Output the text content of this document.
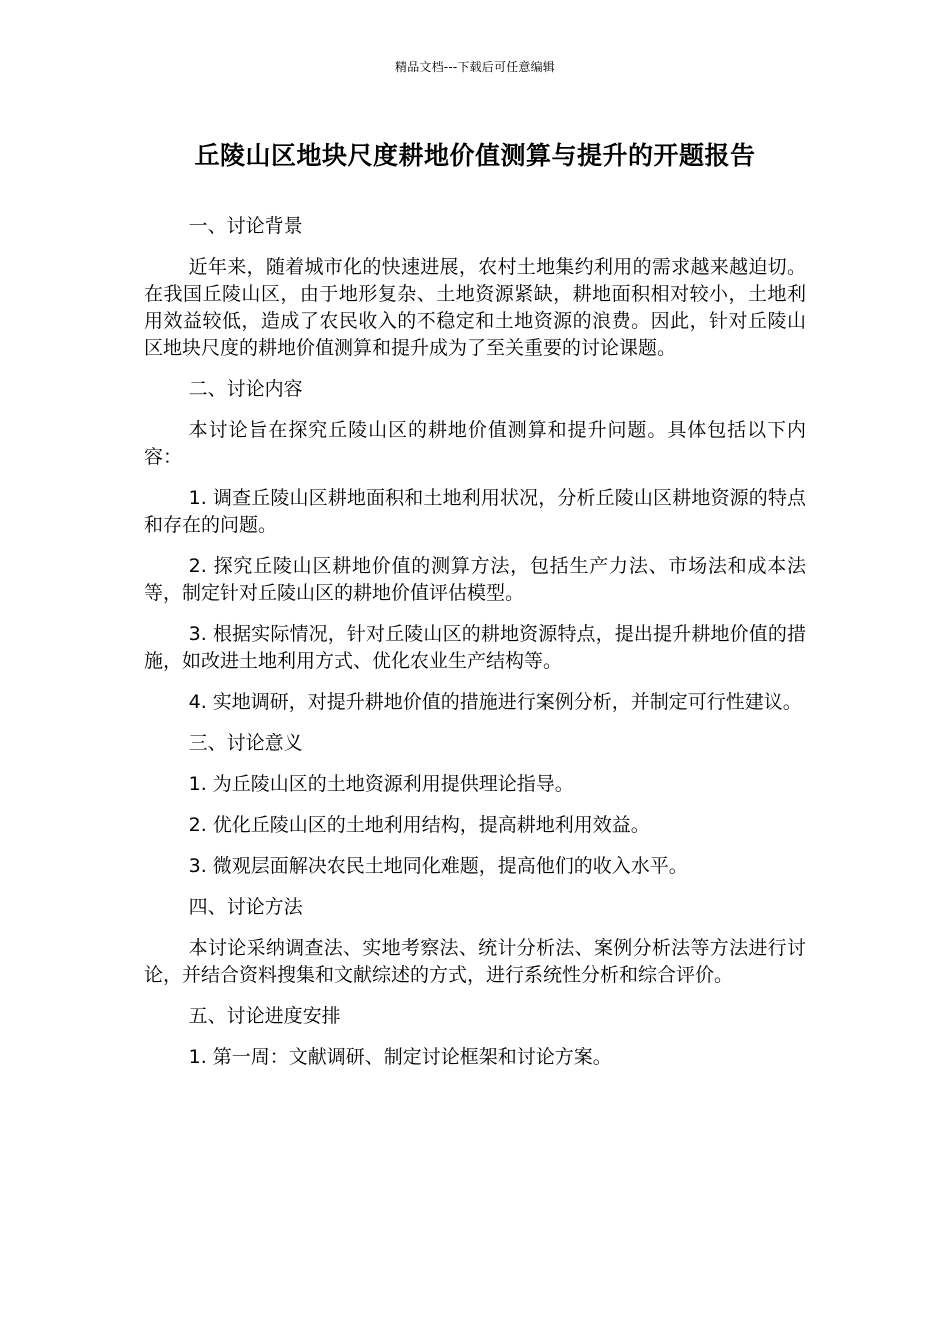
精品文档---下载后可任意编辑
丘陵山区地块尺度耕地价值测算与提升的开题报告

一、讨论背景

近年来，随着城市化的快速进展，农村土地集约利用的需求越来越迫切。在我国丘陵山区，由于地形复杂、土地资源紧缺，耕地面积相对较小，土地利用效益较低，造成了农民收入的不稳定和土地资源的浪费。因此，针对丘陵山区地块尺度的耕地价值测算和提升成为了至关重要的讨论课题。

二、讨论内容

本讨论旨在探究丘陵山区的耕地价值测算和提升问题。具体包括以下内容：

1. 调查丘陵山区耕地面积和土地利用状况，分析丘陵山区耕地资源的特点和存在的问题。

2. 探究丘陵山区耕地价值的测算方法，包括生产力法、市场法和成本法等，制定针对丘陵山区的耕地价值评估模型。

3. 根据实际情况，针对丘陵山区的耕地资源特点，提出提升耕地价值的措施，如改进土地利用方式、优化农业生产结构等。

4. 实地调研，对提升耕地价值的措施进行案例分析，并制定可行性建议。

三、讨论意义

1. 为丘陵山区的土地资源利用提供理论指导。

2. 优化丘陵山区的土地利用结构，提高耕地利用效益。

3. 微观层面解决农民土地同化难题，提高他们的收入水平。

四、讨论方法

本讨论采纳调查法、实地考察法、统计分析法、案例分析法等方法进行讨论，并结合资料搜集和文献综述的方式，进行系统性分析和综合评价。

五、讨论进度安排

1. 第一周：文献调研、制定讨论框架和讨论方案。
